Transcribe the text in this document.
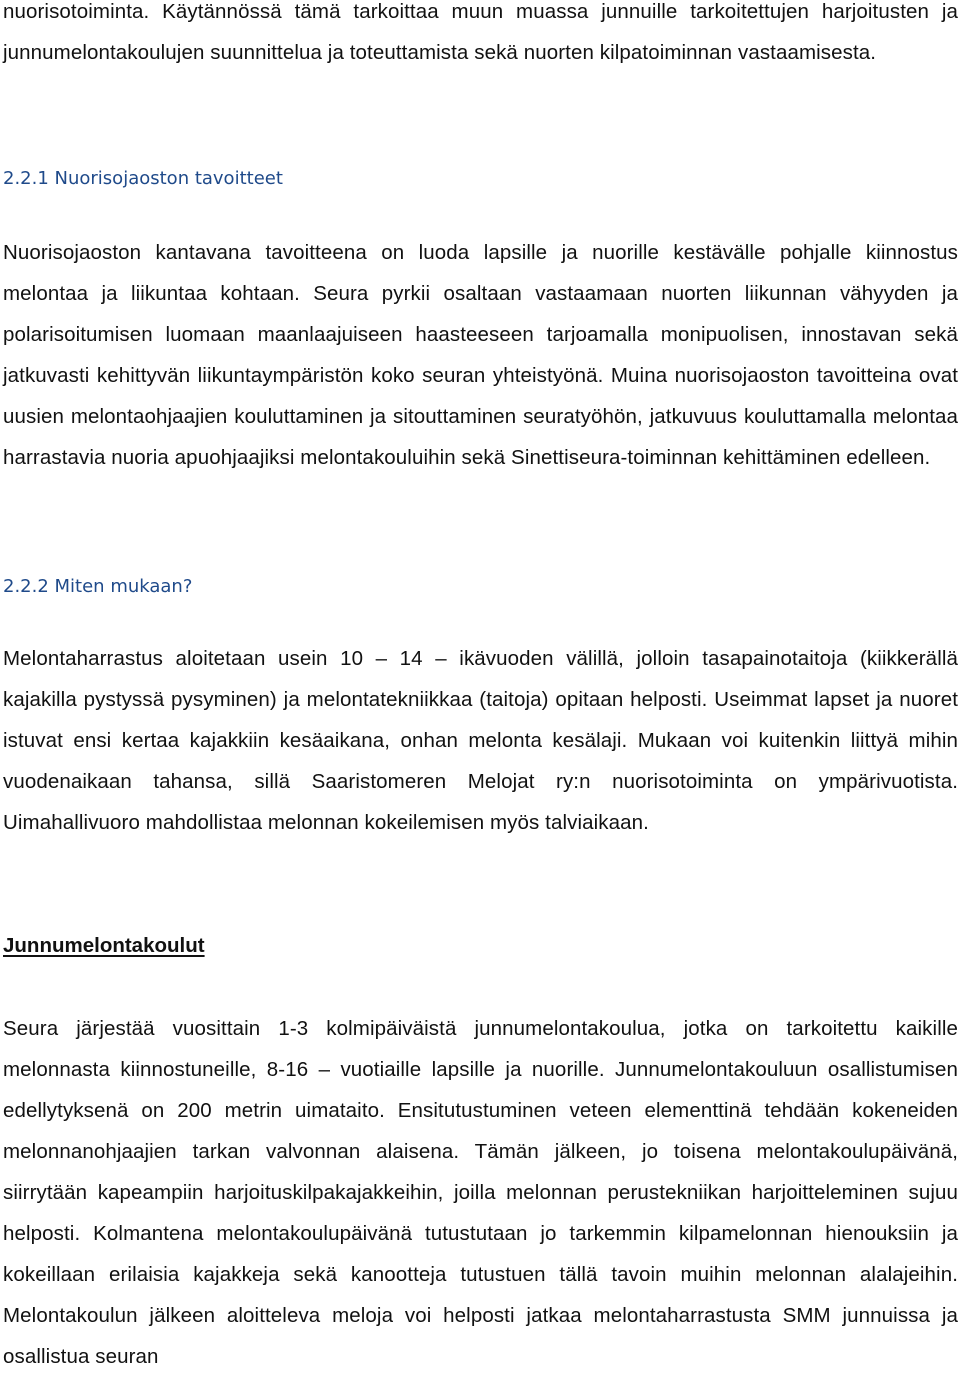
nuorisotoiminta. Käytännössä tämä tarkoittaa muun muassa junnuille tarkoitettujen harjoitusten ja junnumelontakoulujen suunnittelua ja toteuttamista sekä nuorten kilpatoiminnan vastaamisesta.

2.2.1 Nuorisojaoston tavoitteet

Nuorisojaoston kantavana tavoitteena on luoda lapsille ja nuorille kestävälle pohjalle kiinnostus melontaa ja liikuntaa kohtaan. Seura pyrkii osaltaan vastaamaan nuorten liikunnan vähyyden ja polarisoitumisen luomaan maanlaajuiseen haasteeseen tarjoamalla monipuolisen, innostavan sekä jatkuvasti kehittyvän liikuntaympäristön koko seuran yhteistyönä. Muina nuorisojaoston tavoitteina ovat uusien melontaohjaajien kouluttaminen ja sitouttaminen seuratyöhön, jatkuvuus kouluttamalla melontaa harrastavia nuoria apuohjaajiksi melontakouluihin sekä Sinettiseura-toiminnan kehittäminen edelleen.

2.2.2 Miten mukaan?

Melontaharrastus aloitetaan usein 10 – 14 – ikävuoden välillä, jolloin tasapainotaitoja (kiikkerällä kajakilla pystyssä pysyminen) ja melontatekniikkaa (taitoja) opitaan helposti. Useimmat lapset ja nuoret istuvat ensi kertaa kajakkiin kesäaikana, onhan melonta kesälaji. Mukaan voi kuitenkin liittyä mihin vuodenaikaan tahansa, sillä Saaristomeren Melojat ry:n nuorisotoiminta on ympärivuotista. Uimahallivuoro mahdollistaa melonnan kokeilemisen myös talviaikaan.

Junnumelontakoulut

Seura järjestää vuosittain 1-3 kolmipäiväistä junnumelontakoulua, jotka on tarkoitettu kaikille melonnasta kiinnostuneille, 8-16 – vuotiaille lapsille ja nuorille. Junnumelontakouluun osallistumisen edellytyksenä on 200 metrin uimataito. Ensitutustuminen veteen elementtinä tehdään kokeneiden melonnanohjaajien tarkan valvonnan alaisena. Tämän jälkeen, jo toisena melontakoulupäivänä, siirrytään kapeampiin harjoituskilpakajakkeihin, joilla melonnan perustekniikan harjoitteleminen sujuu helposti. Kolmantena melontakoulupäivänä tutustutaan jo tarkemmin kilpamelonnan hienouksiin ja kokeillaan erilaisia kajakkeja sekä kanootteja tutustuen tällä tavoin muihin melonnan alalajeihin. Melontakoulun jälkeen aloitteleva meloja voi helposti jatkaa melontaharrastusta SMM junnuissa ja osallistua seuran
